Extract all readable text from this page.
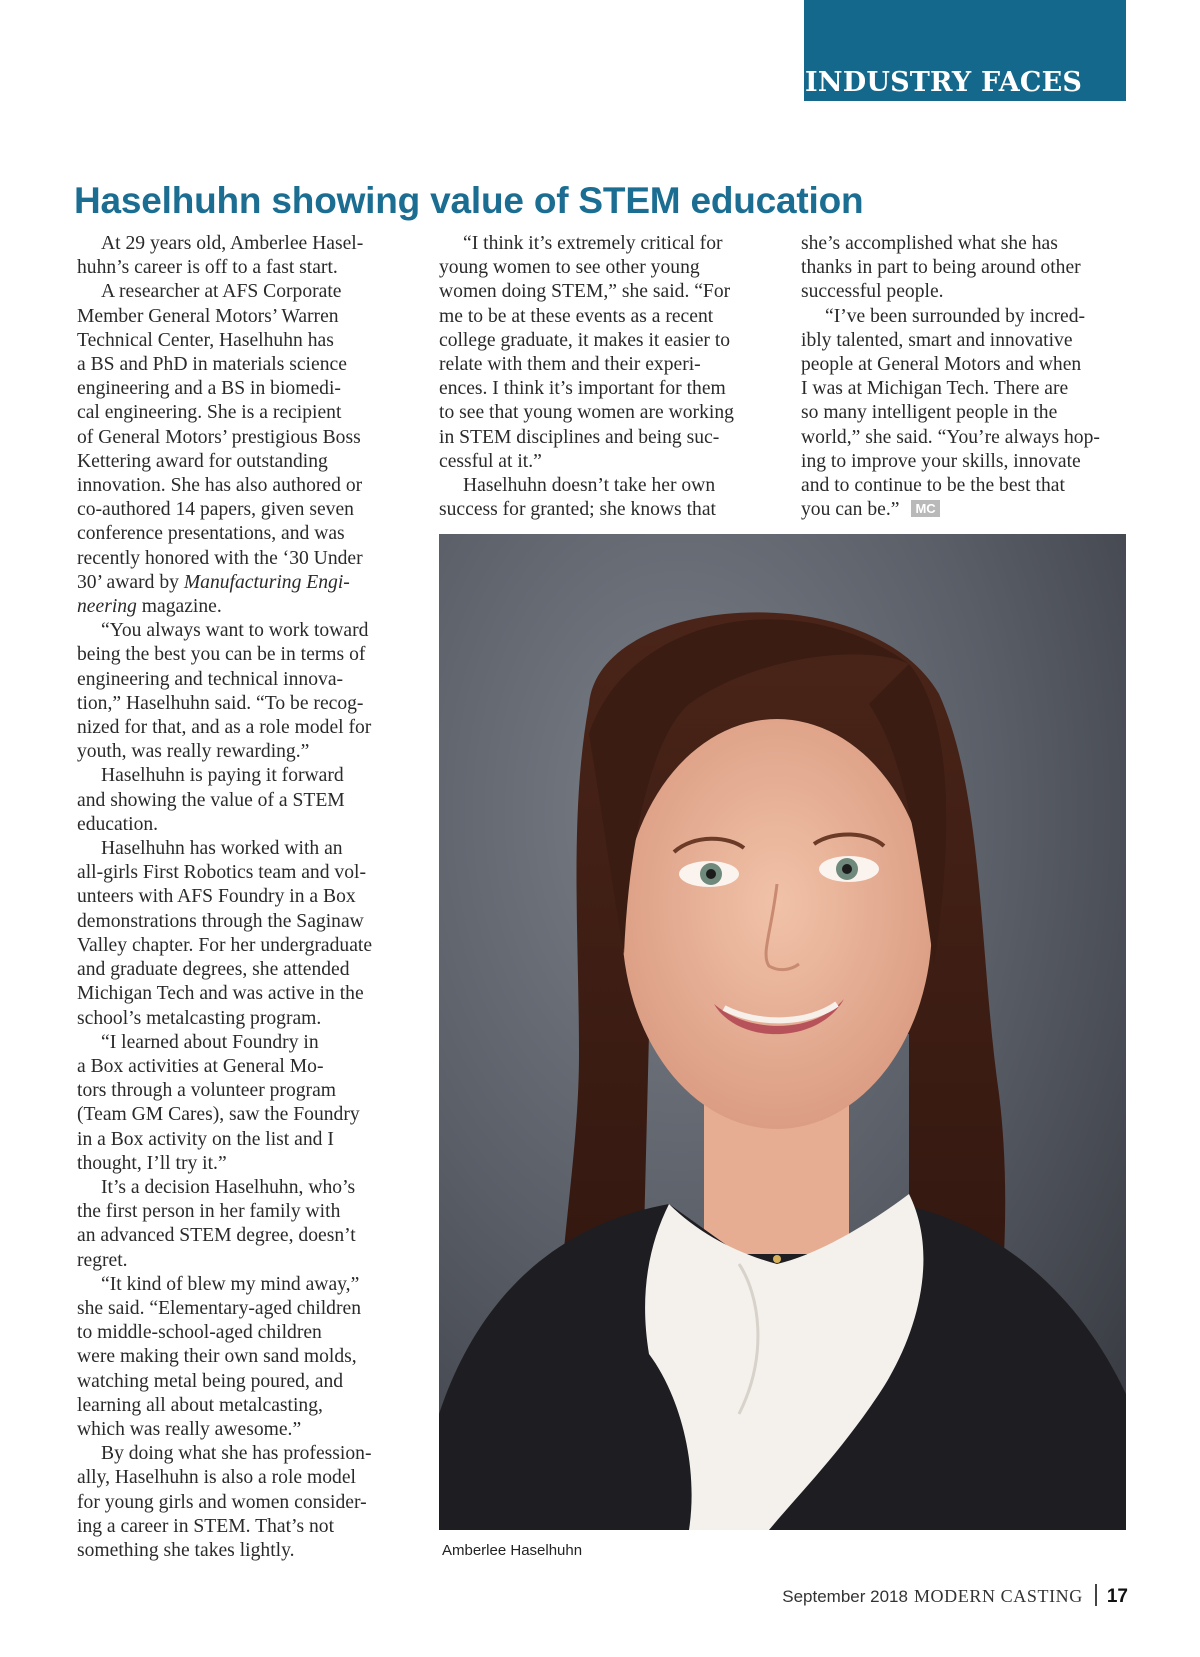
INDUSTRY FACES
Haselhuhn showing value of STEM education

At 29 years old, Amberlee Hasel-

huhn’s career is off to a fast start.

A researcher at AFS Corporate

Member General Motors’ Warren

Technical Center, Haselhuhn has

a BS and PhD in materials science

engineering and a BS in biomedi-

cal engineering. She is a recipient

of General Motors’ prestigious Boss

Kettering award for outstanding

innovation. She has also authored or

co-authored 14 papers, given seven

conference presentations, and was

recently honored with the ‘30 Under

30’ award by Manufacturing Engi-

neering magazine.

“You always want to work toward

being the best you can be in terms of

engineering and technical innova-

tion,” Haselhuhn said. “To be recog-

nized for that, and as a role model for

youth, was really rewarding.”

Haselhuhn is paying it forward

and showing the value of a STEM

education.

Haselhuhn has worked with an

all-girls First Robotics team and vol-

unteers with AFS Foundry in a Box

demonstrations through the Saginaw

Valley chapter. For her undergraduate

and graduate degrees, she attended

Michigan Tech and was active in the

school’s metalcasting program.

“I learned about Foundry in

a Box activities at General Mo-

tors through a volunteer program

(Team GM Cares), saw the Foundry

in a Box activity on the list and I

thought, I’ll try it.”

It’s a decision Haselhuhn, who’s

the first person in her family with

an advanced STEM degree, doesn’t

regret.

“It kind of blew my mind away,”

she said. “Elementary-aged children

to middle-school-aged children

were making their own sand molds,

watching metal being poured, and

learning all about metalcasting,

which was really awesome.”

By doing what she has profession-

ally, Haselhuhn is also a role model

for young girls and women consider-

ing a career in STEM. That’s not

something she takes lightly.

“I think it’s extremely critical for

young women to see other young

women doing STEM,” she said. “For

me to be at these events as a recent

college graduate, it makes it easier to

relate with them and their experi-

ences. I think it’s important for them

to see that young women are working

in STEM disciplines and being suc-

cessful at it.”

Haselhuhn doesn’t take her own

success for granted; she knows that

she’s accomplished what she has

thanks in part to being around other

successful people.

“I’ve been surrounded by incred-

ibly talented, smart and innovative

people at General Motors and when

I was at Michigan Tech. There are

so many intelligent people in the

world,” she said. “You’re always hop-

ing to improve your skills, innovate

and to continue to be the best that

you can be.” MC

Amberlee Haselhuhn
September 2018 MODERN CASTING 17
